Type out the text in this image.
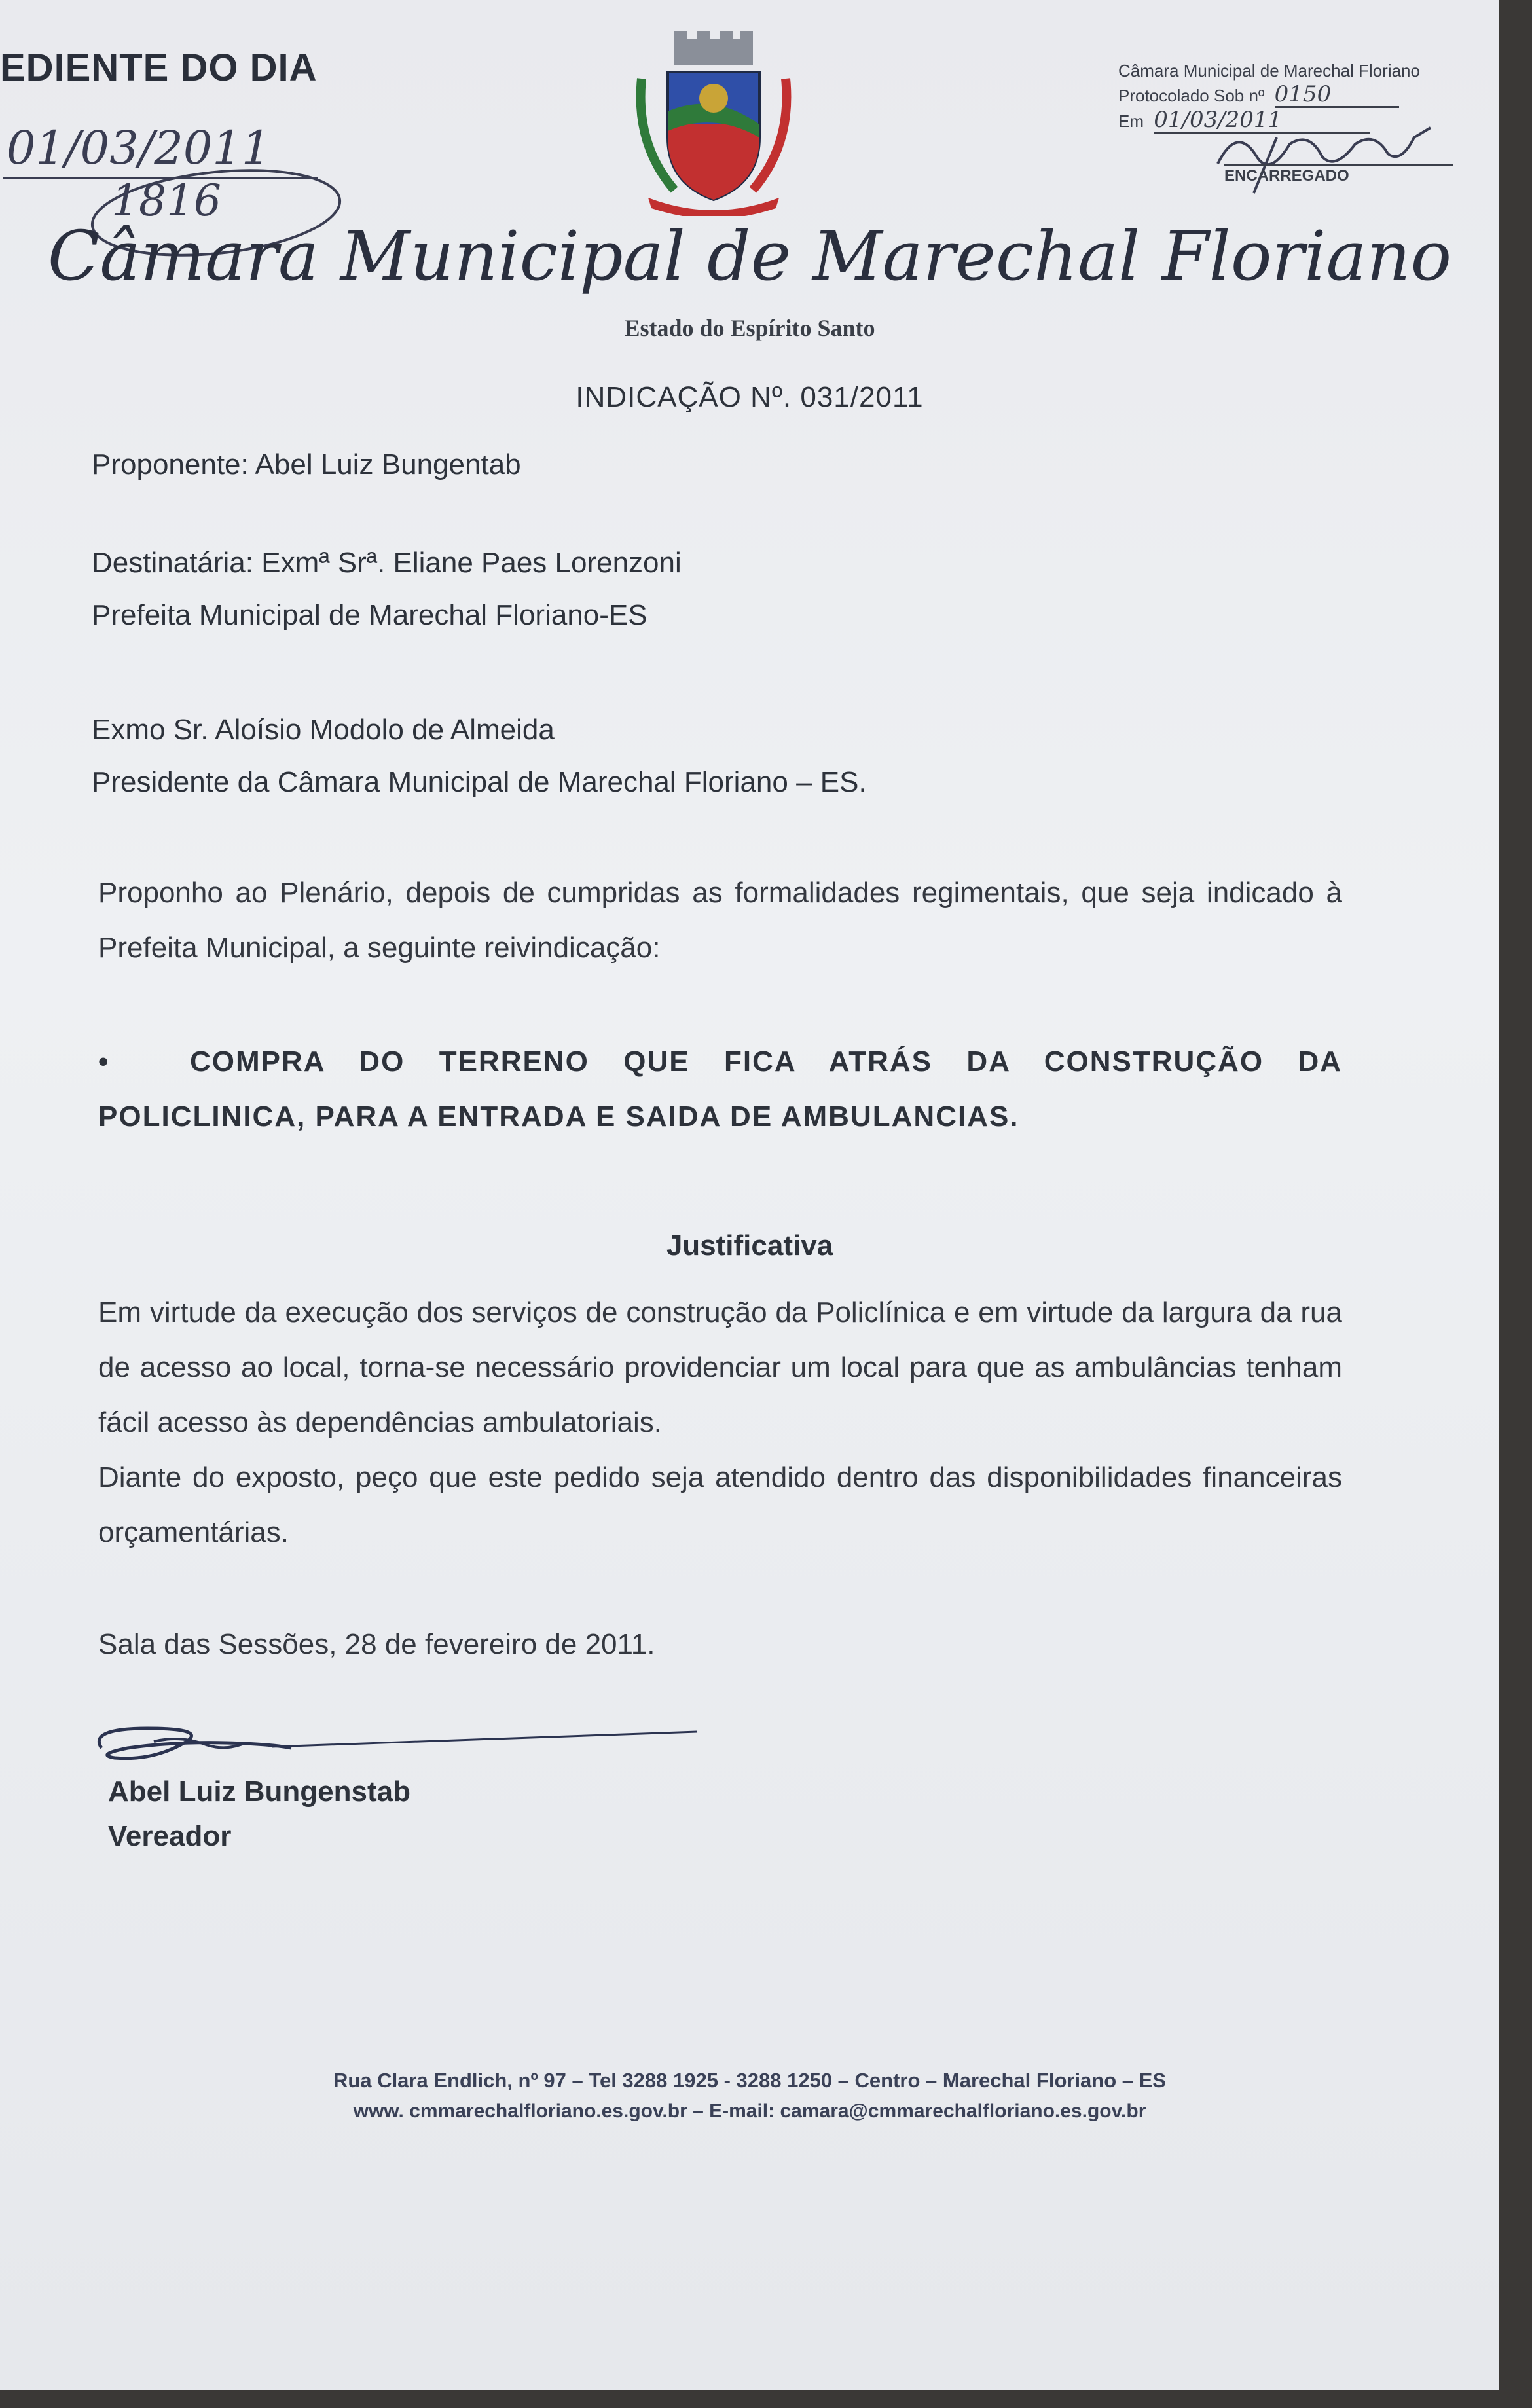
EDIENTE DO DIA
01/03/2011
1816
Câmara Municipal de Marechal Floriano
Protocolado Sob nº 0150
Em 01/03/2011
ENCARREGADO
Câmara Municipal de Marechal Floriano
Estado do Espírito Santo
INDICAÇÃO Nº. 031/2011
Proponente: Abel Luiz Bungentab
Destinatária: Exmª Srª. Eliane Paes Lorenzoni
Prefeita Municipal de Marechal Floriano-ES
Exmo Sr. Aloísio Modolo de Almeida
Presidente da Câmara Municipal de Marechal Floriano – ES.
Proponho ao Plenário, depois de cumpridas as formalidades regimentais, que seja indicado à Prefeita Municipal, a seguinte reivindicação:
•	COMPRA DO TERRENO QUE FICA ATRÁS DA CONSTRUÇÃO DA POLICLINICA, PARA A ENTRADA E SAIDA DE AMBULANCIAS.
Justificativa
Em virtude da execução dos serviços de construção da Policlínica e em virtude da largura da rua de acesso ao local, torna-se necessário providenciar um local para que as ambulâncias tenham fácil acesso às dependências ambulatoriais.
Diante do exposto, peço que este pedido seja atendido dentro das disponibilidades financeiras orçamentárias.
Sala das Sessões, 28 de fevereiro de 2011.
Abel Luiz Bungenstab
Vereador
Rua Clara Endlich, nº 97 – Tel 3288 1925 - 3288 1250 – Centro – Marechal Floriano – ES
www. cmmarechalfloriano.es.gov.br – E-mail: camara@cmmarechalfloriano.es.gov.br
